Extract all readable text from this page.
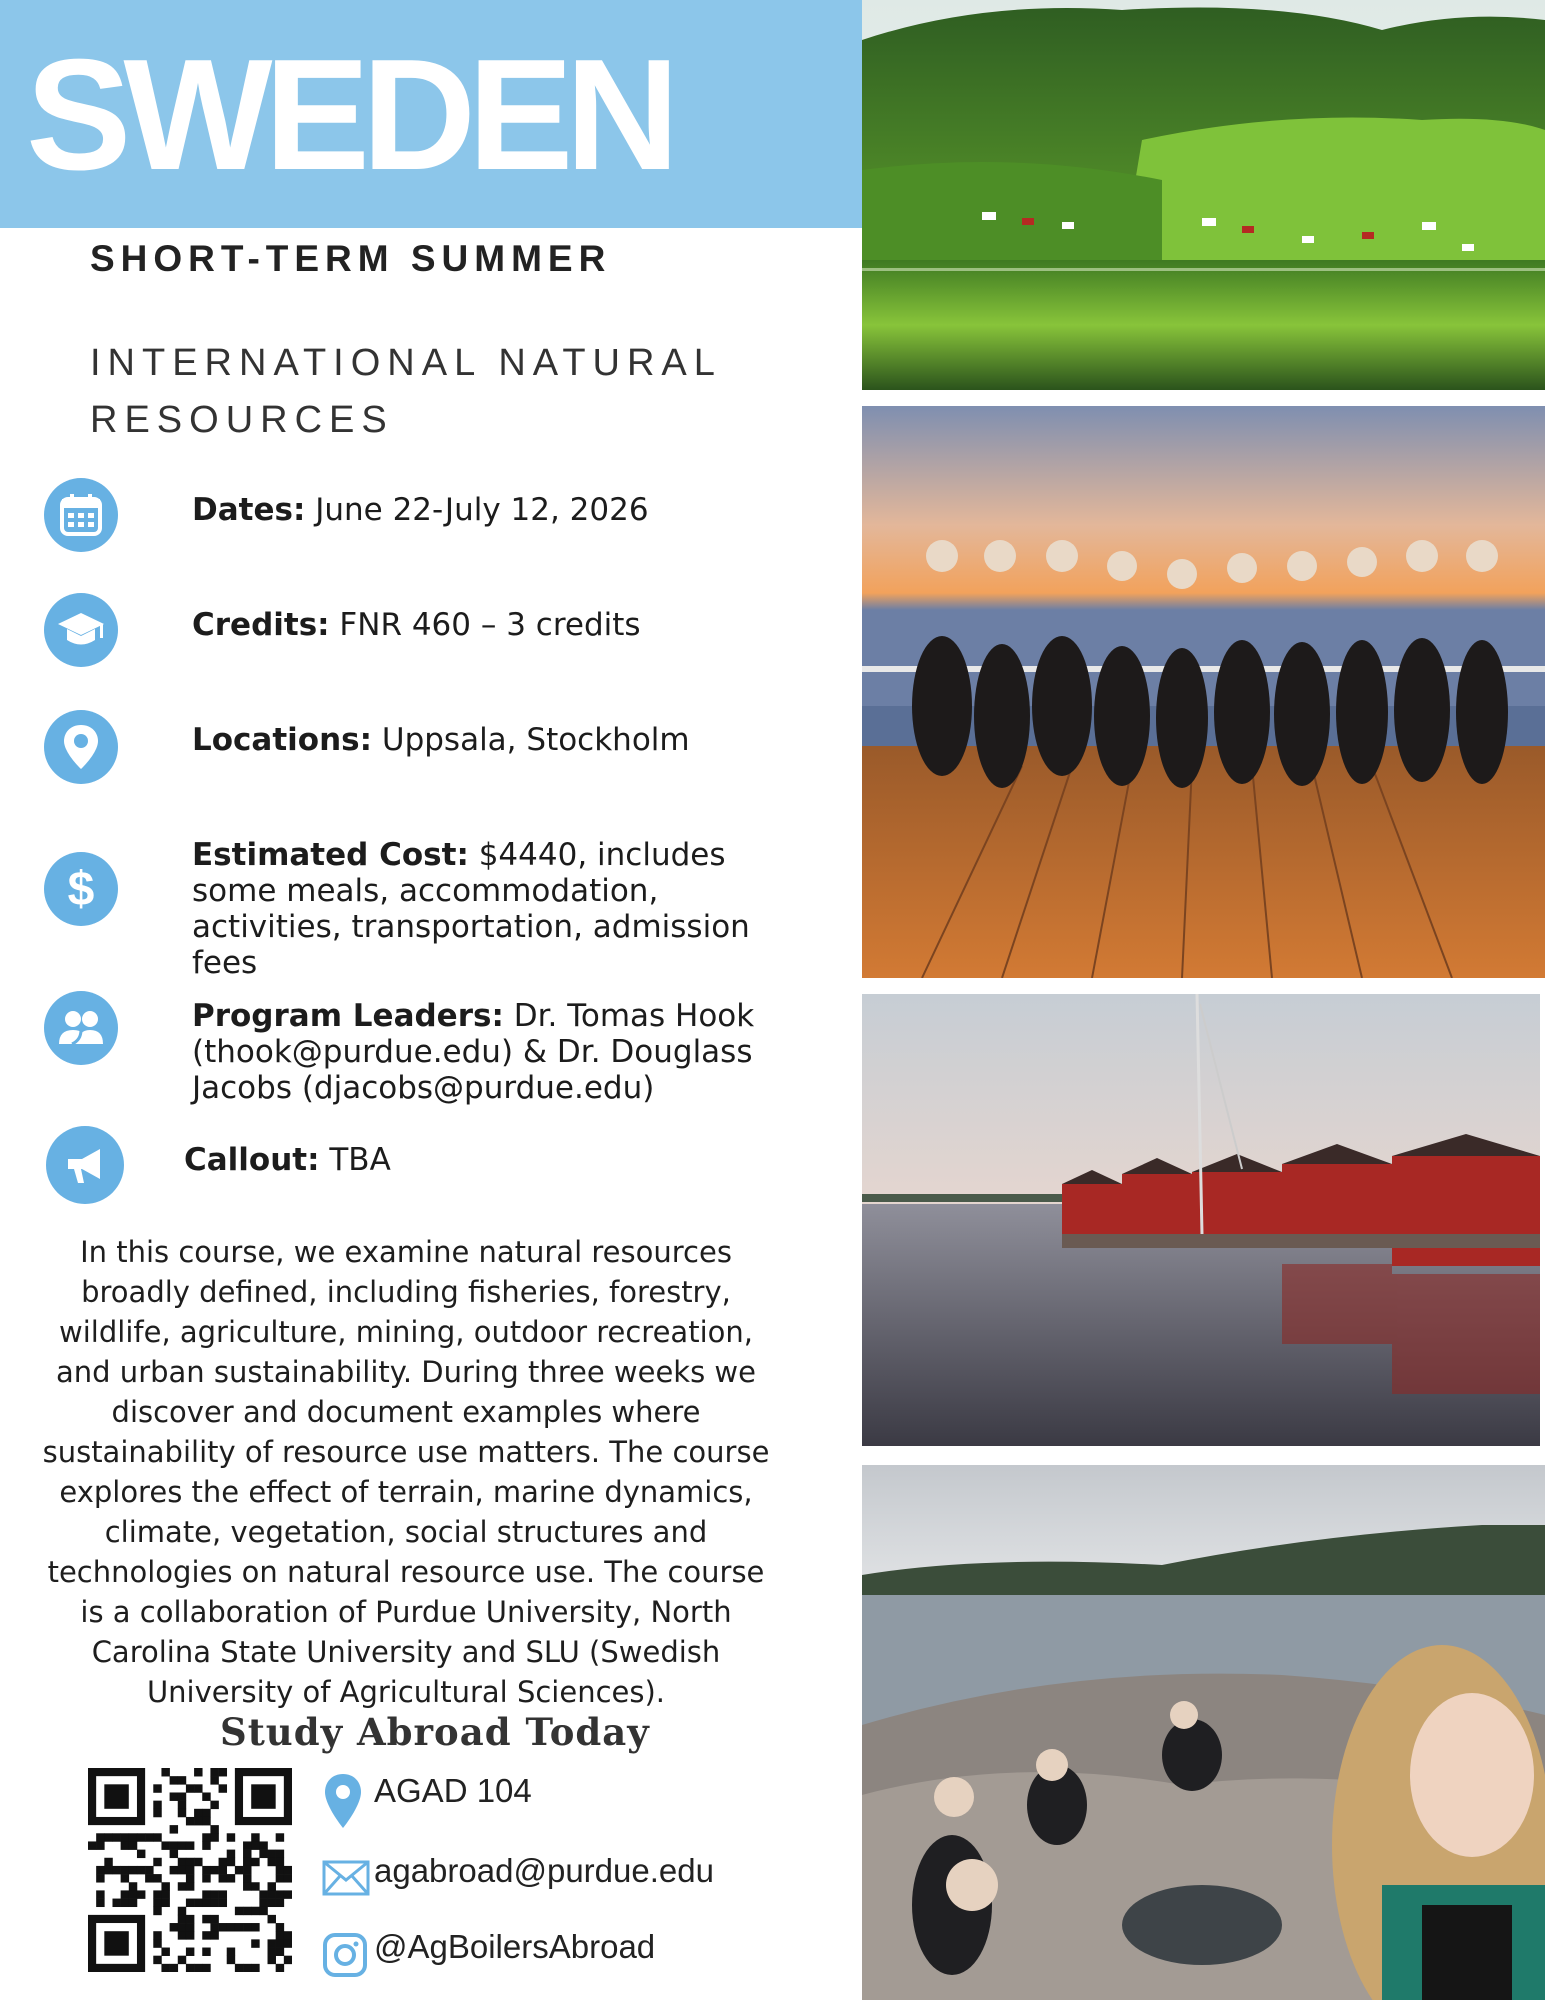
SWEDEN
SHORT-TERM SUMMER
INTERNATIONAL NATURAL RESOURCES
Dates: June 22-July 12, 2026
Credits: FNR 460 – 3 credits
Locations: Uppsala, Stockholm
$
Estimated Cost: $4440, includes some meals, accommodation, activities, transportation, admission fees
Program Leaders: Dr. Tomas Hook (thook@purdue.edu) & Dr. Douglass Jacobs (djacobs@purdue.edu)
Callout: TBA
In this course, we examine natural resources broadly defined, including fisheries, forestry, wildlife, agriculture, mining, outdoor recreation, and urban sustainability. During three weeks we discover and document examples where sustainability of resource use matters. The course explores the effect of terrain, marine dynamics, climate, vegetation, social structures and technologies on natural resource use. The course is a collaboration of Purdue University, North Carolina State University and SLU (Swedish University of Agricultural Sciences).
Study Abroad Today
AGAD 104
agabroad@purdue.edu
@AgBoilersAbroad
